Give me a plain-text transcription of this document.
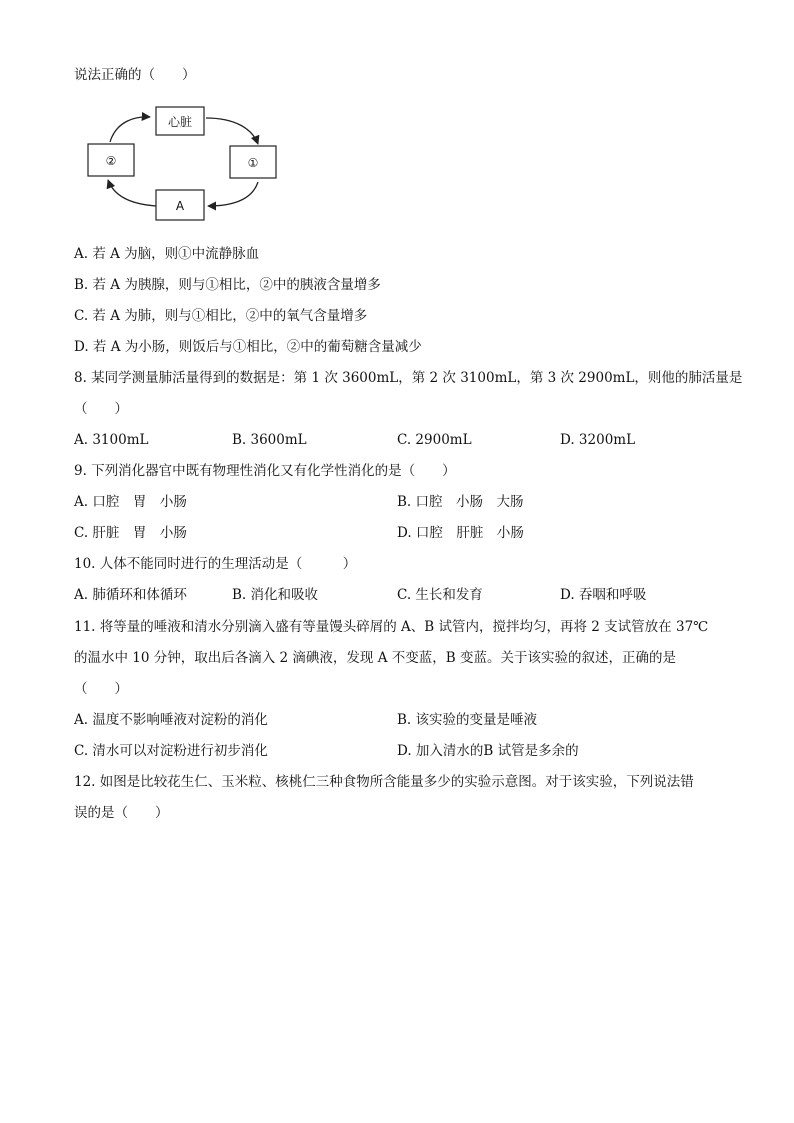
说法正确的（　　）
心脏
①
A
②
A. 若 A 为脑，则①中流静脉血
B. 若 A 为胰腺，则与①相比，②中的胰液含量增多
C. 若 A 为肺，则与①相比，②中的氧气含量增多
D. 若 A 为小肠，则饭后与①相比，②中的葡萄糖含量减少
8. 某同学测量肺活量得到的数据是：第 1 次 3600mL，第 2 次 3100mL，第 3 次 2900mL，则他的肺活量是
（　　）
A. 3100mL	B. 3600mL	C. 2900mL	D. 3200mL
9. 下列消化器官中既有物理性消化又有化学性消化的是（　　）
A. 口腔　胃　小肠	B. 口腔　小肠　大肠
C. 肝脏　胃　小肠	D. 口腔　肝脏　小肠
10. 人体不能同时进行的生理活动是（　　　）
A. 肺循环和体循环	B. 消化和吸收	C. 生长和发育	D. 吞咽和呼吸
11. 将等量的唾液和清水分别滴入盛有等量馒头碎屑的 A、B 试管内，搅拌均匀，再将 2 支试管放在 37℃
的温水中 10 分钟，取出后各滴入 2 滴碘液，发现 A 不变蓝，B 变蓝。关于该实验的叙述，正确的是
（　　）
A. 温度不影响唾液对淀粉的消化	B. 该实验的变量是唾液
C. 清水可以对淀粉进行初步消化	D. 加入清水的B 试管是多余的
12. 如图是比较花生仁、玉米粒、核桃仁三种食物所含能量多少的实验示意图。对于该实验，下列说法错
误的是（　　）
